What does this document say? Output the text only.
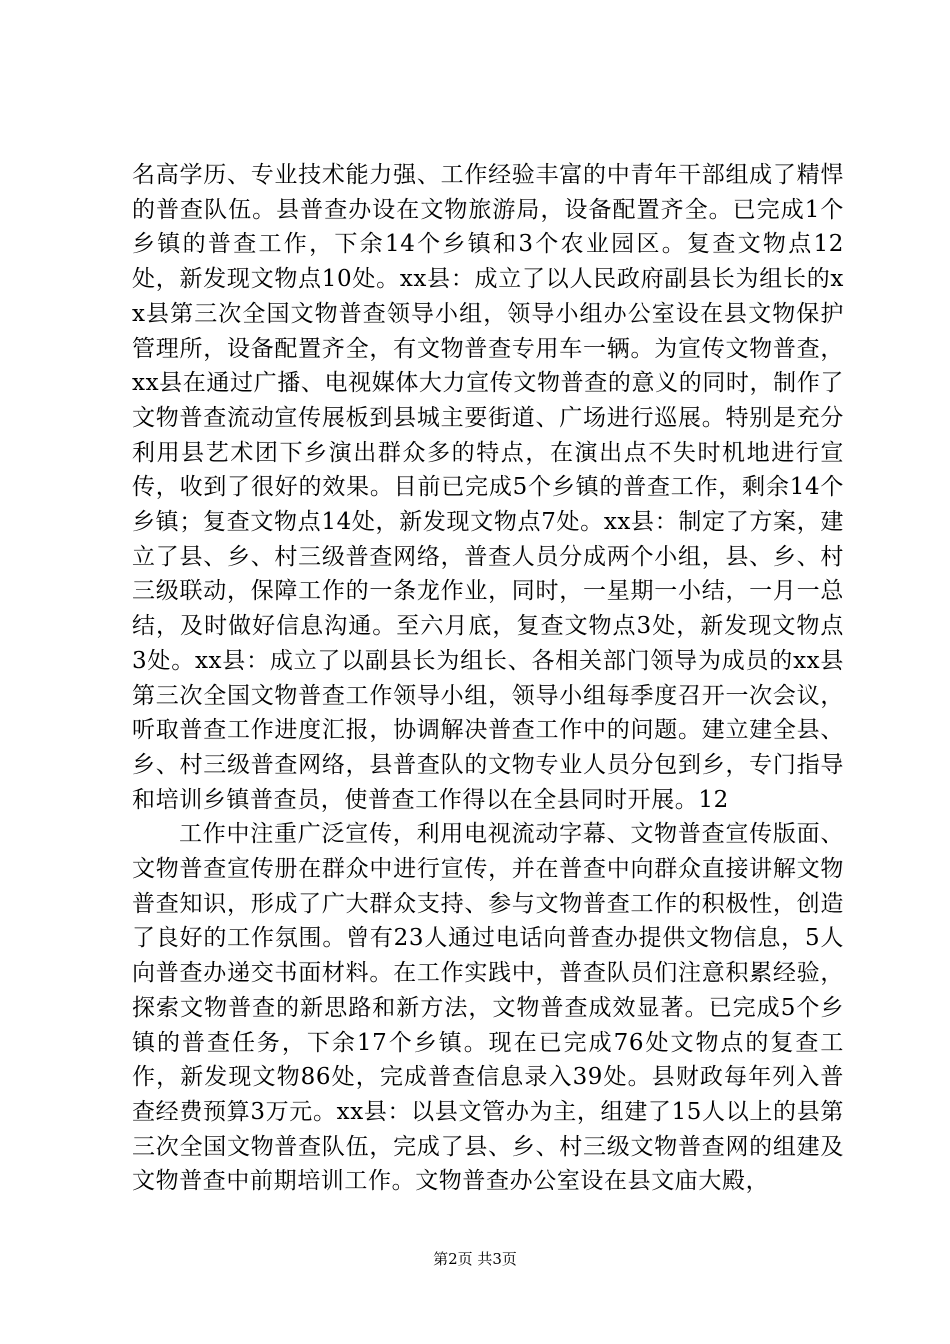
名高学历、专业技术能力强、工作经验丰富的中青年干部组成了精悍的普查队伍。县普查办设在文物旅游局，设备配置齐全。已完成1个乡镇的普查工作，下余14个乡镇和3个农业园区。复查文物点12处，新发现文物点10处。xx县：成立了以人民政府副县长为组长的xx县第三次全国文物普查领导小组，领导小组办公室设在县文物保护管理所，设备配置齐全，有文物普查专用车一辆。为宣传文物普查，xx县在通过广播、电视媒体大力宣传文物普查的意义的同时，制作了文物普查流动宣传展板到县城主要街道、广场进行巡展。特别是充分利用县艺术团下乡演出群众多的特点，在演出点不失时机地进行宣传，收到了很好的效果。目前已完成5个乡镇的普查工作，剩余14个乡镇；复查文物点14处，新发现文物点7处。xx县：制定了方案，建立了县、乡、村三级普查网络，普查人员分成两个小组，县、乡、村三级联动，保障工作的一条龙作业，同时，一星期一小结，一月一总结，及时做好信息沟通。至六月底，复查文物点3处，新发现文物点3处。xx县：成立了以副县长为组长、各相关部门领导为成员的xx县第三次全国文物普查工作领导小组，领导小组每季度召开一次会议，听取普查工作进度汇报，协调解决普查工作中的问题。建立建全县、乡、村三级普查网络，县普查队的文物专业人员分包到乡，专门指导和培训乡镇普查员，使普查工作得以在全县同时开展。12

工作中注重广泛宣传，利用电视流动字幕、文物普查宣传版面、文物普查宣传册在群众中进行宣传，并在普查中向群众直接讲解文物普查知识，形成了广大群众支持、参与文物普查工作的积极性，创造了良好的工作氛围。曾有23人通过电话向普查办提供文物信息，5人向普查办递交书面材料。在工作实践中，普查队员们注意积累经验，探索文物普查的新思路和新方法，文物普查成效显著。已完成5个乡镇的普查任务，下余17个乡镇。现在已完成76处文物点的复查工作，新发现文物86处，完成普查信息录入39处。县财政每年列入普查经费预算3万元。xx县：以县文管办为主，组建了15人以上的县第三次全国文物普查队伍，完成了县、乡、村三级文物普查网的组建及文物普查中前期培训工作。文物普查办公室设在县文庙大殿，

第2页 共3页
